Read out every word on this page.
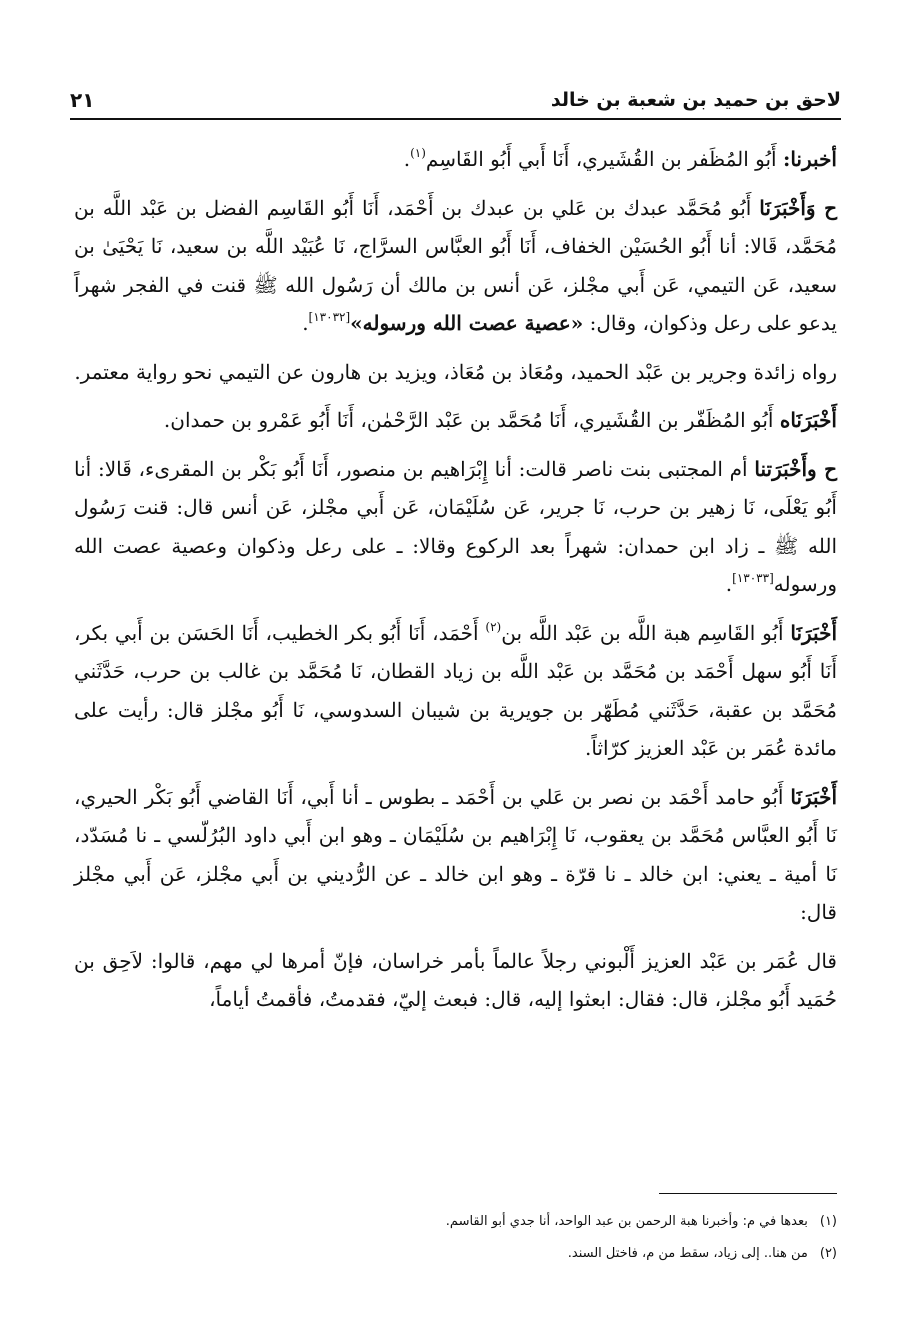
لاحق بن حميد بن شعبة بن خالد
٢١

أخبرنا: أَبُو المُظَفر بن القُشَيري، أَنَا أَبي أَبُو القَاسِم$^{(١)}$.

ح وَأَخْبَرَنَا أَبُو مُحَمَّد عبدك بن عَلي بن عبدك بن أَحْمَد، أَنَا أَبُو القَاسِم الفضل بن عَبْد اللَّه بن مُحَمَّد، قَالا: أنا أَبُو الحُسَيْن الخفاف، أَنَا أَبُو العبَّاس السرَّاج، نَا عُبَيْد اللَّه بن سعيد، نَا يَحْيَىٰ بن سعيد، عَن التيمي، عَن أَبي مجْلز، عَن أنس بن مالك أن رَسُول الله ﷺ قنت في الفجر شهراً يدعو على رعل وذكوان، وقال: «عصية عصت الله ورسوله»[١٣٠٣٢].

رواه زائدة وجرير بن عَبْد الحميد، ومُعَاذ بن مُعَاذ، ويزيد بن هارون عن التيمي نحو رواية معتمر.

أَخْبَرَنَاه أَبُو المُظَفّر بن القُشَيري، أَنَا مُحَمَّد بن عَبْد الرَّحْمٰن، أَنَا أَبُو عَمْرو بن حمدان.

ح وأَخْبَرَتنا أم المجتبى بنت ناصر قالت: أنا إِبْرَاهيم بن منصور، أَنَا أَبُو بَكْر بن المقرىء، قَالا: أنا أَبُو يَعْلَى، نَا زهير بن حرب، نَا جرير، عَن سُلَيْمَان، عَن أَبي مجْلز، عَن أنس قال: قنت رَسُول الله ﷺ ـ زاد ابن حمدان: شهراً بعد الركوع وقالا: ـ على رعل وذكوان وعصية عصت الله ورسوله[١٣٠٣٣].

أَخْبَرَنَا أَبُو القَاسِم هبة اللَّه بن عَبْد اللَّه بن$^{(٢)}$ أَحْمَد، أَنَا أَبُو بكر الخطيب، أَنَا الحَسَن بن أَبي بكر، أَنَا أَبُو سهل أَحْمَد بن مُحَمَّد بن عَبْد اللَّه بن زياد القطان، نَا مُحَمَّد بن غالب بن حرب، حَدَّثَني مُحَمَّد بن عقبة، حَدَّثَني مُطَهّر بن جويرية بن شيبان السدوسي، نَا أَبُو مجْلز قال: رأيت على مائدة عُمَر بن عَبْد العزيز كرّاثاً.

أَخْبَرَنَا أَبُو حامد أَحْمَد بن نصر بن عَلي بن أَحْمَد ـ بطوس ـ أنا أَبي، أَنَا القاضي أَبُو بَكْر الحيري، نَا أَبُو العبَّاس مُحَمَّد بن يعقوب، نَا إِبْرَاهيم بن سُلَيْمَان ـ وهو ابن أَبي داود البُرُلّسي ـ نا مُسَدّد، نَا أمية ـ يعني: ابن خالد ـ نا قرّة ـ وهو ابن خالد ـ عن الرُّديني بن أَبي مجْلز، عَن أَبي مجْلز قال:

قال عُمَر بن عَبْد العزيز أَلْبوني رجلاً عالماً بأمر خراسان، فإنّ أمرها لي مهم، قالوا: لاَحِق بن حُمَيد أَبُو مجْلز، قال: فقال: ابعثوا إليه، قال: فبعث إليّ، فقدمتُ، فأقمتُ أياماً،

(١)
بعدها في م: وأخبرنا هبة الرحمن بن عبد الواحد، أنا جدي أبو القاسم.
(٢)
من هنا.. إلى زياد، سقط من م، فاختل السند.
